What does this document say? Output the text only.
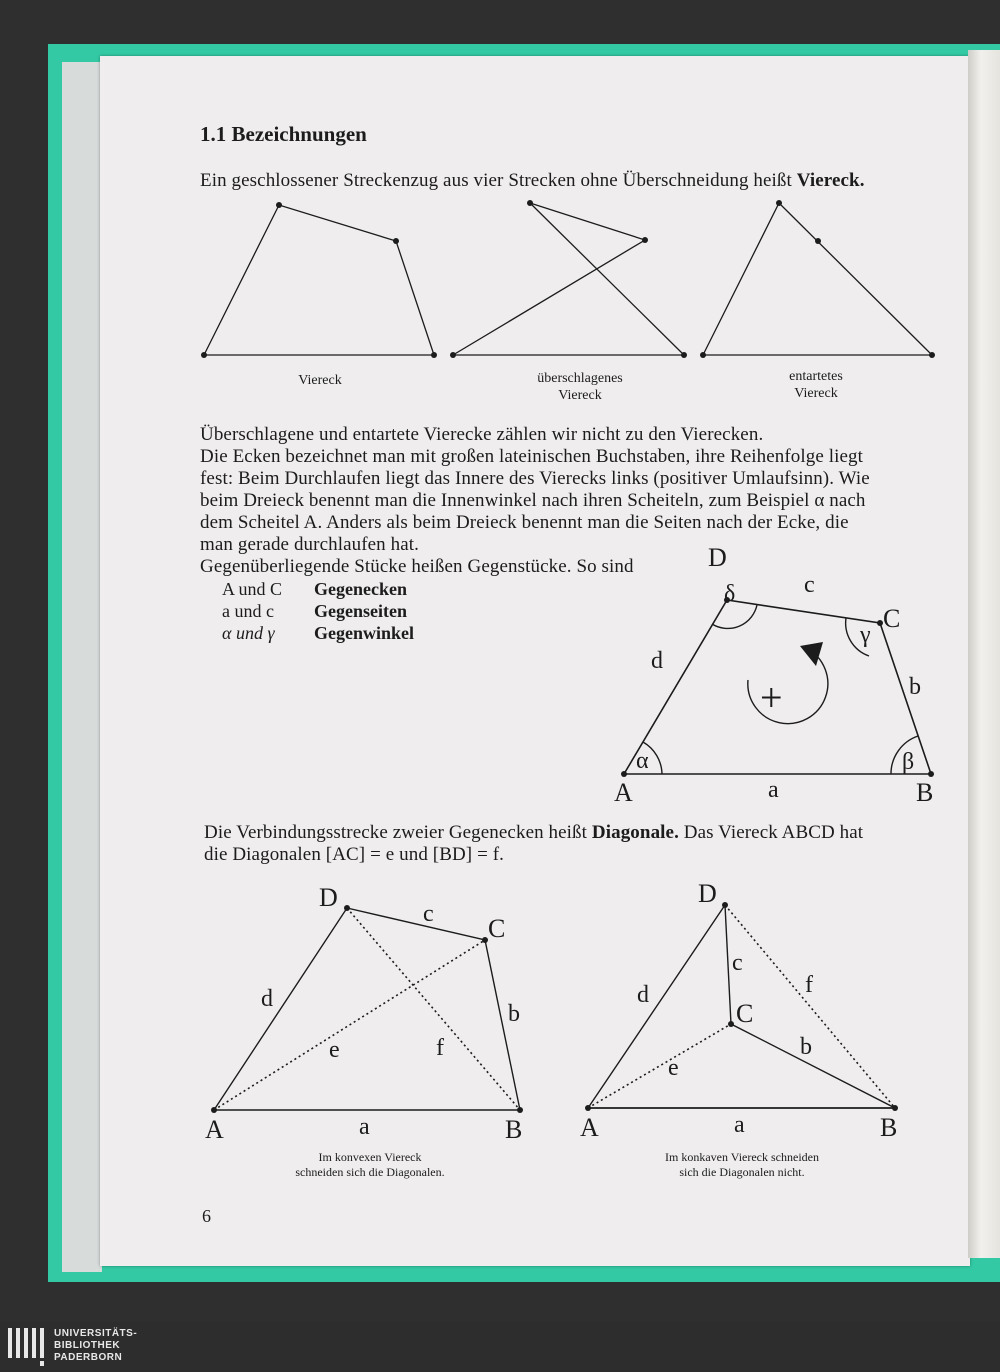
1.1 Bezeichnungen
Ein geschlossener Streckenzug aus vier Strecken ohne Überschneidung heißt Viereck.
Viereck	überschlagenes
Viereck
entartetes
Viereck
Überschlagene und entartete Vierecke zählen wir nicht zu den Vierecken.
Die Ecken bezeichnet man mit großen lateinischen Buchstaben, ihre Reihenfolge liegt
fest: Beim Durchlaufen liegt das Innere des Vierecks links (positiver Umlaufsinn). Wie
beim Dreieck benennt man die Innenwinkel nach ihren Scheiteln, zum Beispiel α nach
dem Scheitel A. Anders als beim Dreieck benennt man die Seiten nach der Ecke, die
man gerade durchlaufen hat.
Gegenüberliegende Stücke heißen Gegenstücke. So sind
A und C	Gegenecken
a und c	Gegenseiten
α und γ	Gegenwinkel
A	B
C
D
a
b
c
d
α	β
γ
δ
+
Die Verbindungsstrecke zweier Gegenecken heißt Diagonale. Das Viereck ABCD hat
die Diagonalen [AC] = e und [BD] = f.
A	B
C
D
a
b
c
d
e	f
A	B
C
D
a
b
c
d
e
f
Im konvexen Viereck
schneiden sich die Diagonalen.
Im konkaven Viereck schneiden
sich die Diagonalen nicht.
6
UNIVERSITÄTS-
BIBLIOTHEK
PADERBORN
